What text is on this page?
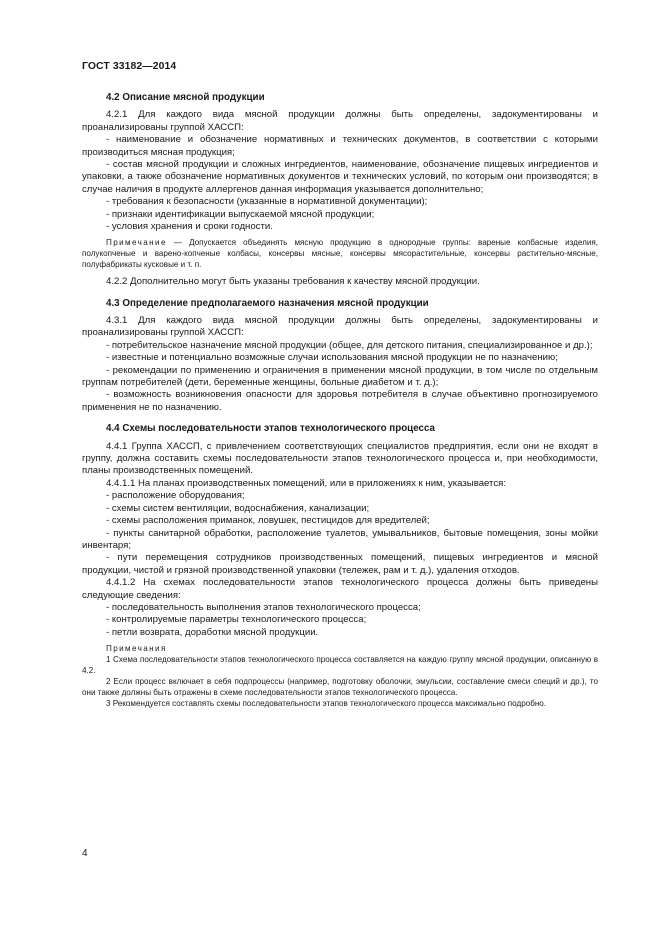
ГОСТ 33182—2014

4.2 Описание мясной продукции

4.2.1 Для каждого вида мясной продукции должны быть определены, задокументированы и проанализированы группой ХАССП:

- наименование и обозначение нормативных и технических документов, в соответствии с которыми производиться мясная продукция;

- состав мясной продукции и сложных ингредиентов, наименование, обозначение пищевых ингредиентов и упаковки, а также обозначение нормативных документов и технических условий, по которым они производятся; в случае наличия в продукте аллергенов данная информация указывается дополнительно;

- требования к безопасности (указанные в нормативной документации);

- признаки идентификации выпускаемой мясной продукции;

- условия хранения и сроки годности.

Примечание — Допускается объединять мясную продукцию в однородные группы: вареные колбасные изделия, полукопченые и варено-копченые колбасы, консервы мясные, консервы мясорастительные, консервы растительно-мясные, полуфабрикаты кусковые и т. п.

4.2.2 Дополнительно могут быть указаны требования к качеству мясной продукции.

4.3 Определение предполагаемого назначения мясной продукции

4.3.1 Для каждого вида мясной продукции должны быть определены, задокументированы и проанализированы группой ХАССП:

- потребительское назначение мясной продукции (общее, для детского питания, специализированное и др.);

- известные и потенциально возможные случаи использования мясной продукции не по назначению;

- рекомендации по применению и ограничения в применении мясной продукции, в том числе по отдельным группам потребителей (дети, беременные женщины, больные диабетом и т. д.);

- возможность возникновения опасности для здоровья потребителя в случае объективно прогнозируемого применения не по назначению.

4.4 Схемы последовательности этапов технологического процесса

4.4.1 Группа ХАССП, с привлечением соответствующих специалистов предприятия, если они не входят в группу, должна составить схемы последовательности этапов технологического процесса и, при необходимости, планы производственных помещений.

4.4.1.1 На планах производственных помещений, или в приложениях к ним, указывается:

- расположение оборудования;

- схемы систем вентиляции, водоснабжения, канализации;

- схемы расположения приманок, ловушек, пестицидов для вредителей;

- пункты санитарной обработки, расположение туалетов, умывальников, бытовые помещения, зоны мойки инвентаря;

- пути перемещения сотрудников производственных помещений, пищевых ингредиентов и мясной продукции, чистой и грязной производственной упаковки (тележек, рам и т. д.), удаления отходов.

4.4.1.2 На схемах последовательности этапов технологического процесса должны быть приведены следующие сведения:

- последовательность выполнения этапов технологического процесса;

- контролируемые параметры технологического процесса;

- петли возврата, доработки мясной продукции.

Примечания

1 Схема последовательности этапов технологического процесса составляется на каждую группу мясной продукции, описанную в 4.2.

2 Если процесс включает в себя подпроцессы (например, подготовку оболочки, эмульсии, составление смеси специй и др.), то они также должны быть отражены в схеме последовательности этапов технологического процесса.

3 Рекомендуется составлять схемы последовательности этапов технологического процесса максимально подробно.

4
